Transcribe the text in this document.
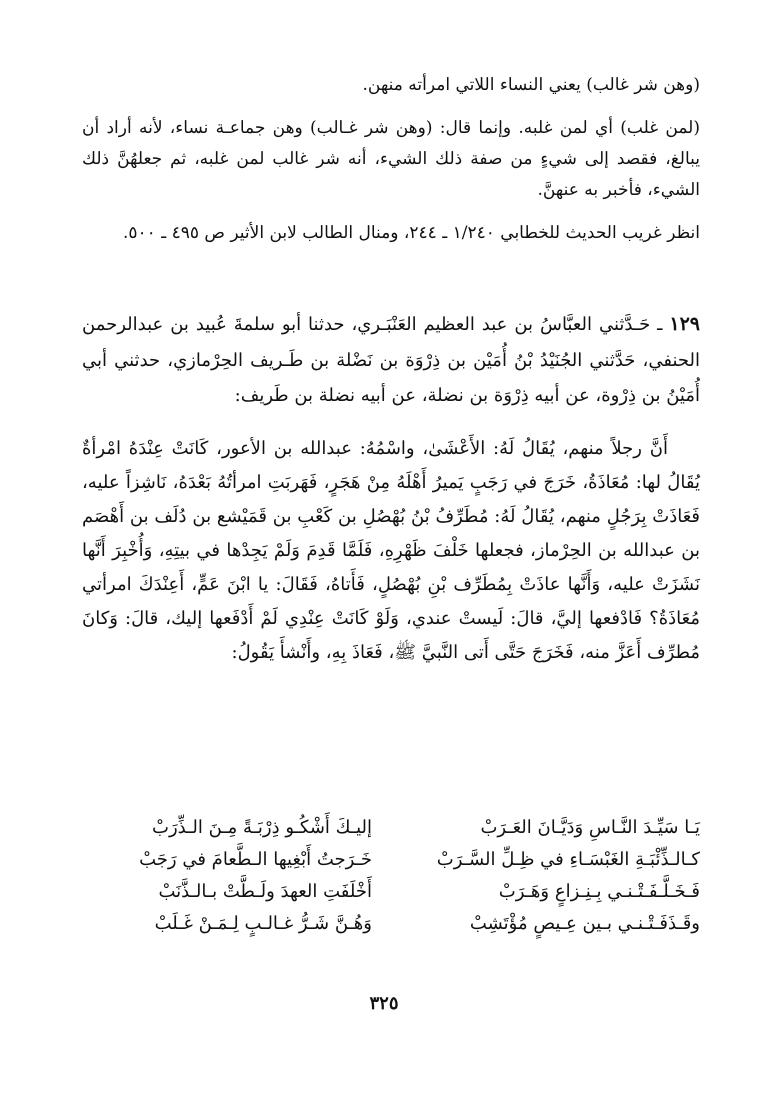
(وهن شر غالب) يعني النساء اللاتي امرأته منهن.

(لمن غلب) أي لمن غلبه. وإنما قال: (وهن شر غـالب) وهن جماعـة نساء، لأنه أراد أن يبالغ، فقصد إلى شيءٍ من صفة ذلك الشيء، أنه شر غالب لمن غلبه، ثم جعلهُنَّ ذلك الشيء، فأخبر به عنهنَّ.

انظر غريب الحديث للخطابي ١/٢٤٠ ـ ٢٤٤، ومنال الطالب لابن الأثير ص ٤٩٥ ـ ٥٠٠.

١٢٩ ـ حَـدَّثني العبَّاسُ بن عبد العظيم العَنْبَـري، حدثنا أبو سلمةَ عُبيد بن عبدالرحمن الحنفي، حَدَّثني الجُنَيْدُ بْنُ أُمَيْن بن ذِرْوَة بن نَضْلة بن طَـريف الحِرْمازي، حدثني أبي أُمَيْنُ بن ذِرْوة، عن أبيه ذِرْوَة بن نضلة، عن أبيه نضلة بن طَريف:

أَنَّ رجلاً منهم، يُقَالُ لَهُ: الأَعْشَىٰ، واسْمُهُ: عبدالله بن الأعور، كَانَتْ عِنْدَهُ امْرأةٌ يُقَالُ لها: مُعَاذَةُ، خَرَجَ في رَجَبٍ يَميرُ أَهْلَهُ مِنْ هَجَرٍ، فَهَربَتِ امرأتُهُ بَعْدَهُ، نَاشِزاً عليه، فَعَاذَتْ بِرَجُلٍ منهم، يُقَالُ لَهُ: مُطَرِّفُ بْنُ بُهْصُلِ بن كَعْبِ بن قَمَيْشع بن دُلَف بن أَهْصَم بن عبدالله بن الحِرْماز، فجعلها خَلْفَ ظَهْرِهِ، فَلَمَّا قَدِمَ وَلَمْ يَجِدْها في بيتِهِ، وَأُخْبِرَ أَنَّها نَشَزَتْ عليه، وَأَنَّها عاذَتْ بِمُطَرِّف بْنِ بُهْصُلٍ، فَأَتاهُ، فَقَالَ: يا ابْنَ عَمٍّ، أَعِنْدَكَ امرأتي مُعَاذَةُ؟ فَادْفعها إليَّ، قالَ: لَيستْ عندي، وَلَوْ كَانَتْ عِنْدِي لَمْ أَدْفَعها إليك، قالَ: وَكانَ مُطرِّف أَعَزَّ منه، فَخَرَجَ حَتَّى أَتى النَّبيَّ ﷺ، فَعَاذَ بِهِ، وأَنْشأَ يَقُولُ:

يَـا سَيِّـدَ النَّـاسِ وَدَيَّـانَ العَـرَبْ
إليـكَ أَشْكُـو ذِرْبَـةً مِـنَ الـذِّرَبْ
كـالـذِّئْبَـةِ الغَبْسَـاءِ في ظِـلِّ السَّـرَبْ
خَـرَجتُ أَبْغِيها الـطَّعامَ في رَجَبْ
فَـخَـلَّـفَـتْـنـي بِـنِـزاعٍ وَهَـرَبْ
أَخْلَفَتِ العهدَ ولَـطَّتْ بـالـذَّنَبْ
وقَـذَفَـتْـنـي بـين عِـيصٍ مُؤْتَشِبْ
وَهُـنَّ شَـرُّ غـالـبٍ لِـمَـنْ غَـلَبْ
٣٢٥
